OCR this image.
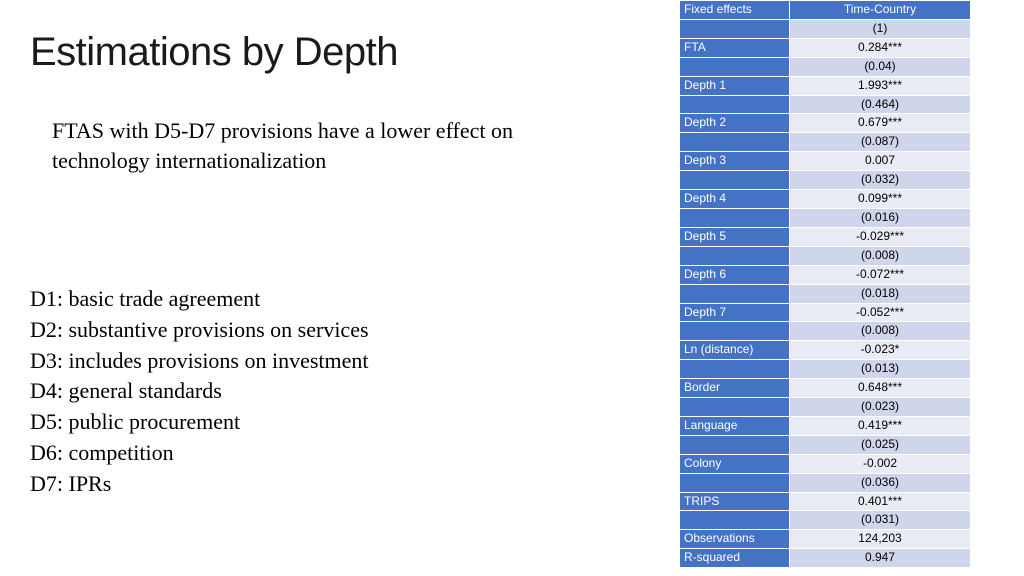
Estimations by Depth
FTAS with D5-D7 provisions have a lower effect on technology internationalization
D1: basic trade agreement
D2: substantive provisions on services
D3: includes provisions on investment
D4: general standards
D5: public procurement
D6: competition
D7: IPRs
Fixed effects	Time-Country
	(1)
FTA	0.284***
	(0.04)
Depth 1	1.993***
	(0.464)
Depth 2	0.679***
	(0.087)
Depth 3	0.007
	(0.032)
Depth 4	0.099***
	(0.016)
Depth 5	-0.029***
	(0.008)
Depth 6	-0.072***
	(0.018)
Depth 7	-0.052***
	(0.008)
Ln (distance)	-0.023*
	(0.013)
Border	0.648***
	(0.023)
Language	0.419***
	(0.025)
Colony	-0.002
	(0.036)
TRIPS	0.401***
	(0.031)
Observations	124,203
R-squared	0.947
